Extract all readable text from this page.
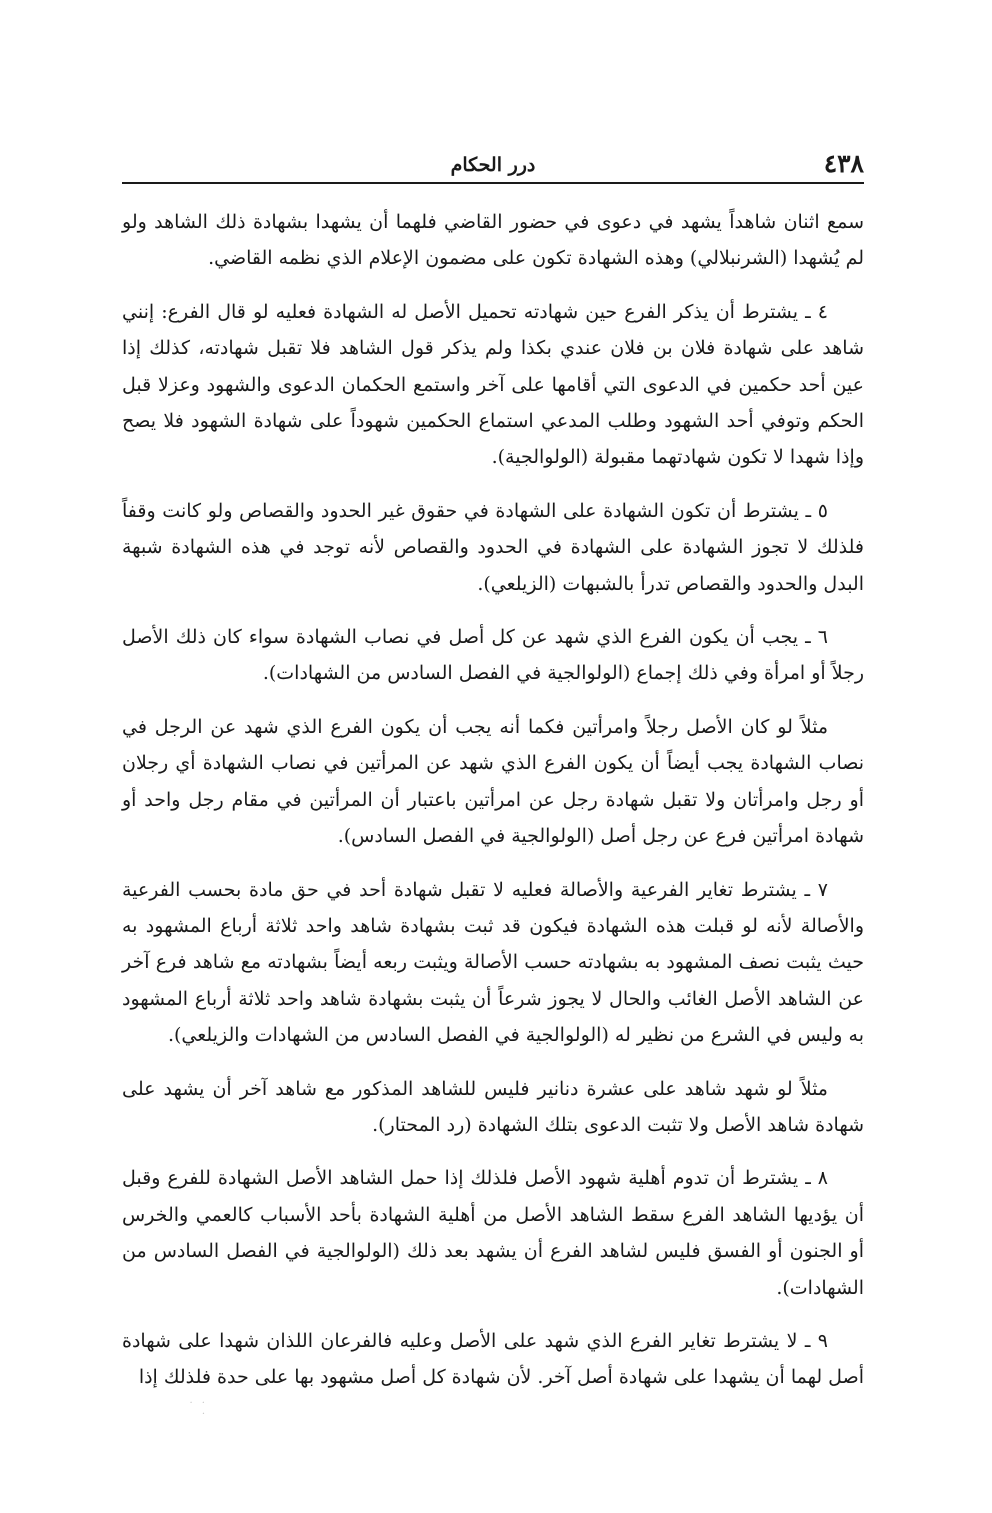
٤٣٨
درر الحكام

سمع اثنان شاهداً يشهد في دعوى في حضور القاضي فلهما أن يشهدا بشهادة ذلك الشاهد ولو لم يُشهدا (الشرنبلالي) وهذه الشهادة تكون على مضمون الإعلام الذي نظمه القاضي.

٤ ـ يشترط أن يذكر الفرع حين شهادته تحميل الأصل له الشهادة فعليه لو قال الفرع: إنني شاهد على شهادة فلان بن فلان عندي بكذا ولم يذكر قول الشاهد فلا تقبل شهادته، كذلك إذا عين أحد حكمين في الدعوى التي أقامها على آخر واستمع الحكمان الدعوى والشهود وعزلا قبل الحكم وتوفي أحد الشهود وطلب المدعي استماع الحكمين شهوداً على شهادة الشهود فلا يصح وإذا شهدا لا تكون شهادتهما مقبولة (الولوالجية).

٥ ـ يشترط أن تكون الشهادة على الشهادة في حقوق غير الحدود والقصاص ولو كانت وقفاً فلذلك لا تجوز الشهادة على الشهادة في الحدود والقصاص لأنه توجد في هذه الشهادة شبهة البدل والحدود والقصاص تدرأ بالشبهات (الزيلعي).

٦ ـ يجب أن يكون الفرع الذي شهد عن كل أصل في نصاب الشهادة سواء كان ذلك الأصل رجلاً أو امرأة وفي ذلك إجماع (الولوالجية في الفصل السادس من الشهادات).

مثلاً لو كان الأصل رجلاً وامرأتين فكما أنه يجب أن يكون الفرع الذي شهد عن الرجل في نصاب الشهادة يجب أيضاً أن يكون الفرع الذي شهد عن المرأتين في نصاب الشهادة أي رجلان أو رجل وامرأتان ولا تقبل شهادة رجل عن امرأتين باعتبار أن المرأتين في مقام رجل واحد أو شهادة امرأتين فرع عن رجل أصل (الولوالجية في الفصل السادس).

٧ ـ يشترط تغاير الفرعية والأصالة فعليه لا تقبل شهادة أحد في حق مادة بحسب الفرعية والأصالة لأنه لو قبلت هذه الشهادة فيكون قد ثبت بشهادة شاهد واحد ثلاثة أرباع المشهود به حيث يثبت نصف المشهود به بشهادته حسب الأصالة ويثبت ربعه أيضاً بشهادته مع شاهد فرع آخر عن الشاهد الأصل الغائب والحال لا يجوز شرعاً أن يثبت بشهادة شاهد واحد ثلاثة أرباع المشهود به وليس في الشرع من نظير له (الولوالجية في الفصل السادس من الشهادات والزيلعي).

مثلاً لو شهد شاهد على عشرة دنانير فليس للشاهد المذكور مع شاهد آخر أن يشهد على شهادة شاهد الأصل ولا تثبت الدعوى بتلك الشهادة (رد المحتار).

٨ ـ يشترط أن تدوم أهلية شهود الأصل فلذلك إذا حمل الشاهد الأصل الشهادة للفرع وقبل أن يؤديها الشاهد الفرع سقط الشاهد الأصل من أهلية الشهادة بأحد الأسباب كالعمي والخرس أو الجنون أو الفسق فليس لشاهد الفرع أن يشهد بعد ذلك (الولوالجية في الفصل السادس من الشهادات).

٩ ـ لا يشترط تغاير الفرع الذي شهد على الأصل وعليه فالفرعان اللذان شهدا على شهادة أصل لهما أن يشهدا على شهادة أصل آخر. لأن شهادة كل أصل مشهود بها على حدة فلذلك إذا

· · ·
